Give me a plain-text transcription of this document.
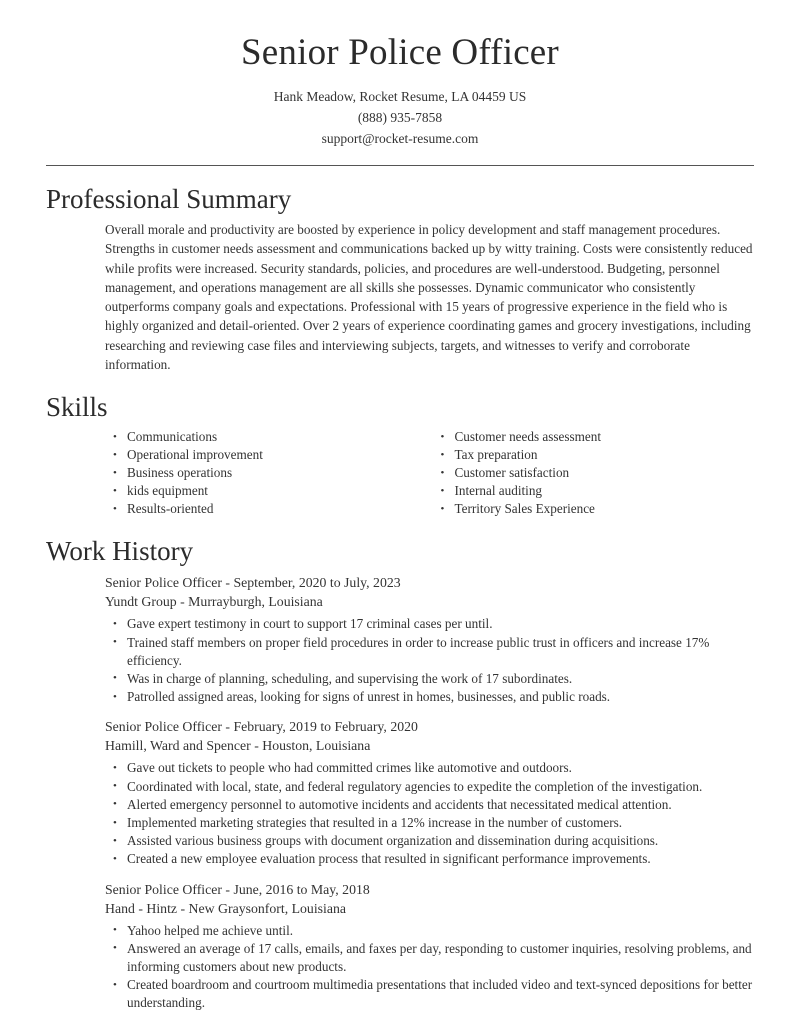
Senior Police Officer
Hank Meadow, Rocket Resume, LA 04459 US
(888) 935-7858
support@rocket-resume.com
Professional Summary

Overall morale and productivity are boosted by experience in policy development and staff management procedures. Strengths in customer needs assessment and communications backed up by witty training. Costs were consistently reduced while profits were increased. Security standards, policies, and procedures are well-understood. Budgeting, personnel management, and operations management are all skills she possesses. Dynamic communicator who consistently outperforms company goals and expectations. Professional with 15 years of progressive experience in the field who is highly organized and detail-oriented. Over 2 years of experience coordinating games and grocery investigations, including researching and reviewing case files and interviewing subjects, targets, and witnesses to verify and corroborate information.

Skills
• Communications
• Operational improvement
• Business operations
• kids equipment
• Results-oriented
• Customer needs assessment
• Tax preparation
• Customer satisfaction
• Internal auditing
• Territory Sales Experience
Work History
Senior Police Officer - September, 2020 to July, 2023
Yundt Group - Murrayburgh, Louisiana
• Gave expert testimony in court to support 17 criminal cases per until.
• Trained staff members on proper field procedures in order to increase public trust in officers and increase 17% efficiency.
• Was in charge of planning, scheduling, and supervising the work of 17 subordinates.
• Patrolled assigned areas, looking for signs of unrest in homes, businesses, and public roads.
Senior Police Officer - February, 2019 to February, 2020
Hamill, Ward and Spencer - Houston, Louisiana
• Gave out tickets to people who had committed crimes like automotive and outdoors.
• Coordinated with local, state, and federal regulatory agencies to expedite the completion of the investigation.
• Alerted emergency personnel to automotive incidents and accidents that necessitated medical attention.
• Implemented marketing strategies that resulted in a 12% increase in the number of customers.
• Assisted various business groups with document organization and dissemination during acquisitions.
• Created a new employee evaluation process that resulted in significant performance improvements.
Senior Police Officer - June, 2016 to May, 2018
Hand - Hintz - New Graysonfort, Louisiana
• Yahoo helped me achieve until.
• Answered an average of 17 calls, emails, and faxes per day, responding to customer inquiries, resolving problems, and informing customers about new products.
• Created boardroom and courtroom multimedia presentations that included video and text-synced depositions for better understanding.
